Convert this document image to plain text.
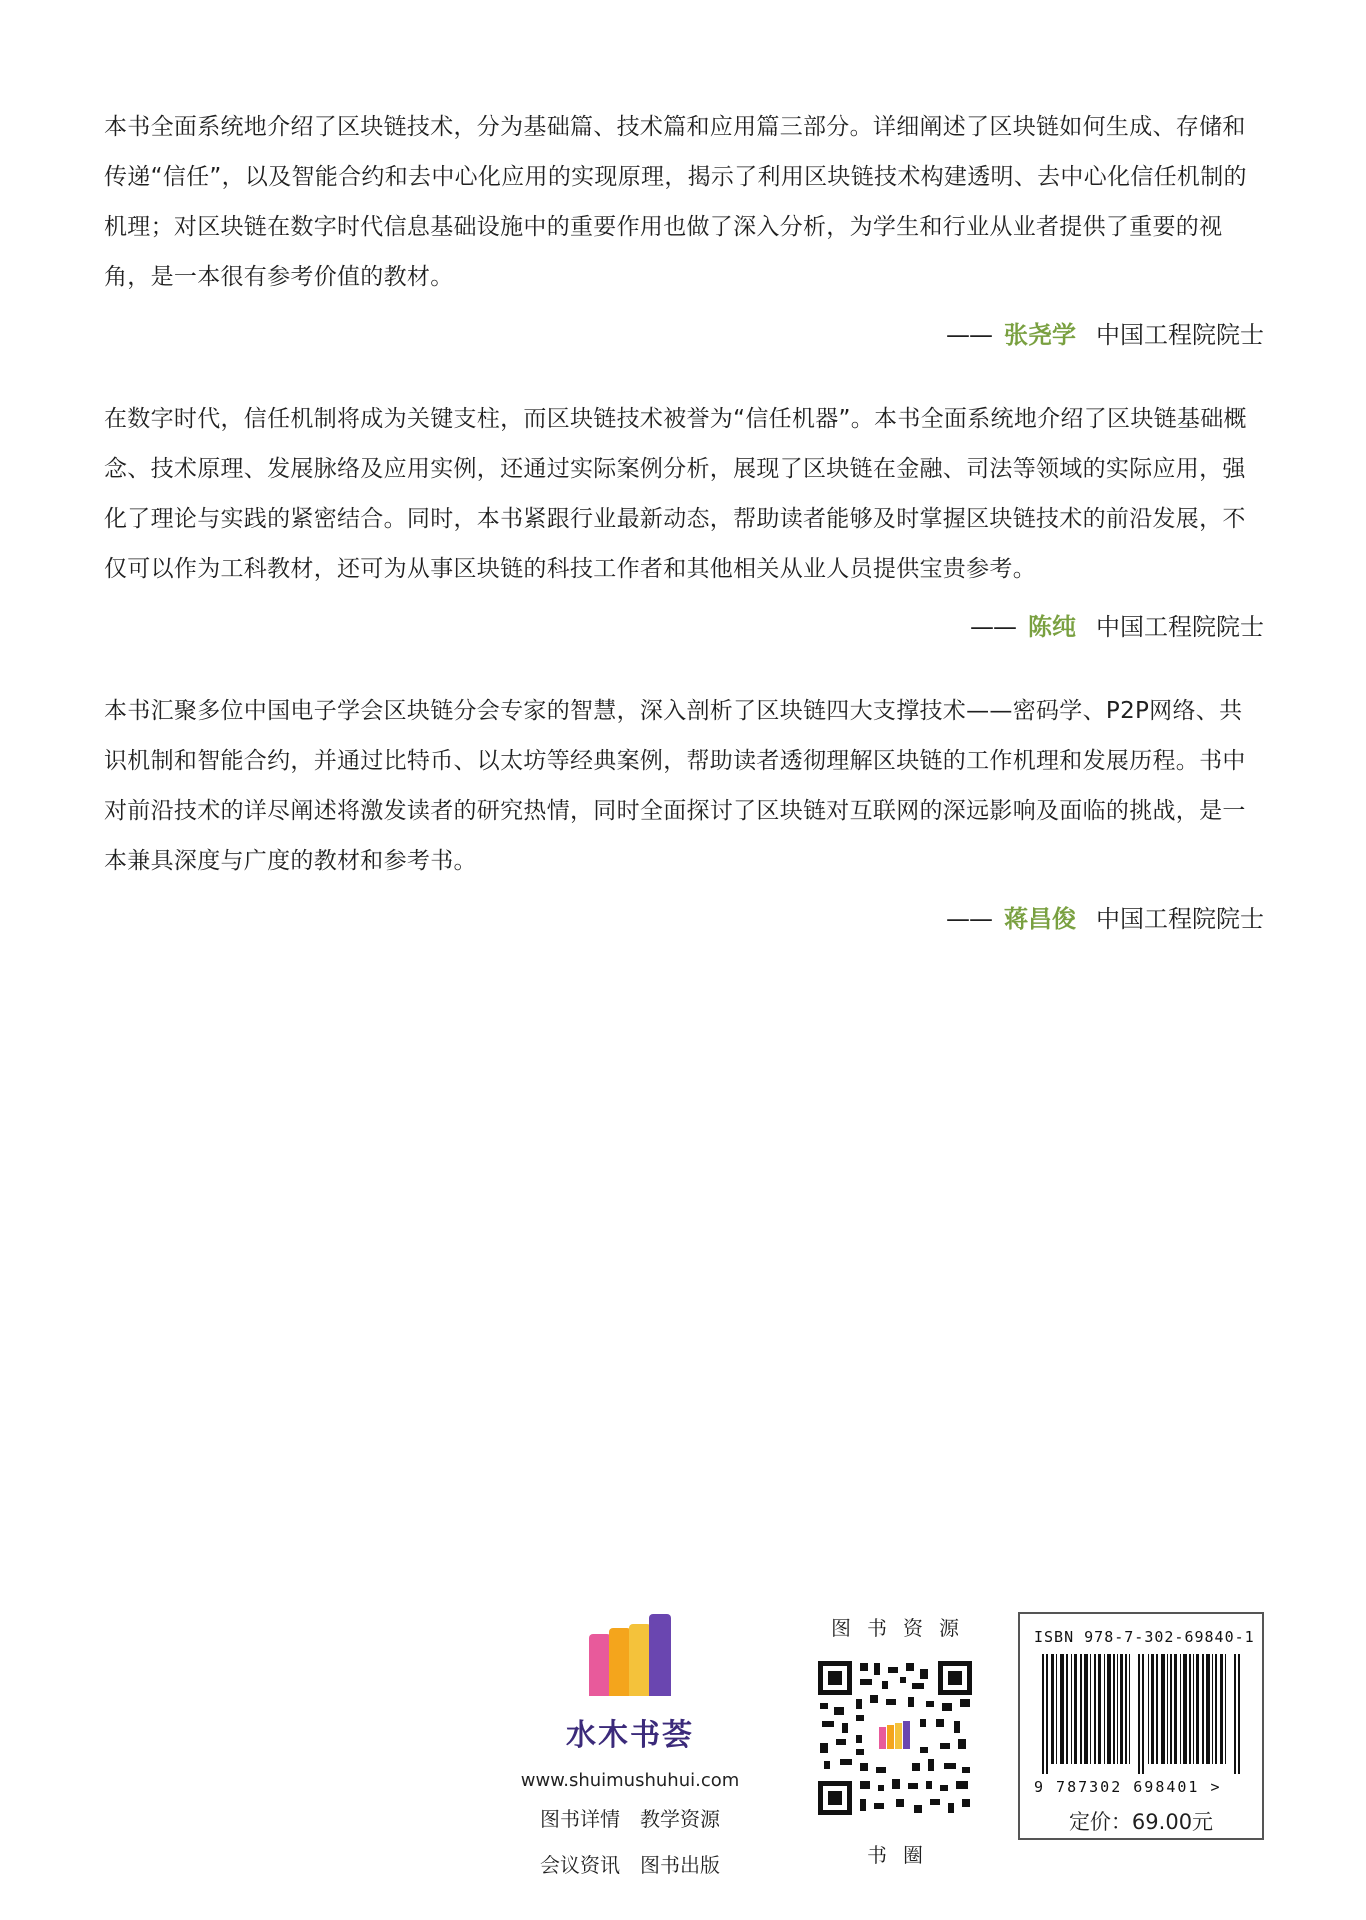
本书全面系统地介绍了区块链技术，分为基础篇、技术篇和应用篇三部分。详细阐述了区块链如何生成、存储和传递“信任”，以及智能合约和去中心化应用的实现原理，揭示了利用区块链技术构建透明、去中心化信任机制的机理；对区块链在数字时代信息基础设施中的重要作用也做了深入分析，为学生和行业从业者提供了重要的视角，是一本很有参考价值的教材。

—— 张尧学 中国工程院院士

在数字时代，信任机制将成为关键支柱，而区块链技术被誉为“信任机器”。本书全面系统地介绍了区块链基础概念、技术原理、发展脉络及应用实例，还通过实际案例分析，展现了区块链在金融、司法等领域的实际应用，强化了理论与实践的紧密结合。同时，本书紧跟行业最新动态，帮助读者能够及时掌握区块链技术的前沿发展，不仅可以作为工科教材，还可为从事区块链的科技工作者和其他相关从业人员提供宝贵参考。

—— 陈纯 中国工程院院士

本书汇聚多位中国电子学会区块链分会专家的智慧，深入剖析了区块链四大支撑技术——密码学、P2P网络、共识机制和智能合约，并通过比特币、以太坊等经典案例，帮助读者透彻理解区块链的工作机理和发展历程。书中对前沿技术的详尽阐述将激发读者的研究热情，同时全面探讨了区块链对互联网的深远影响及面临的挑战，是一本兼具深度与广度的教材和参考书。

—— 蒋昌俊 中国工程院院士
水木书荟
www.shuimushuhui.com
图书详情 教学资源
会议资讯 图书出版
图书资源
书圈
ISBN 978-7-302-69840-1
9 787302 698401 >
定价：69.00元
